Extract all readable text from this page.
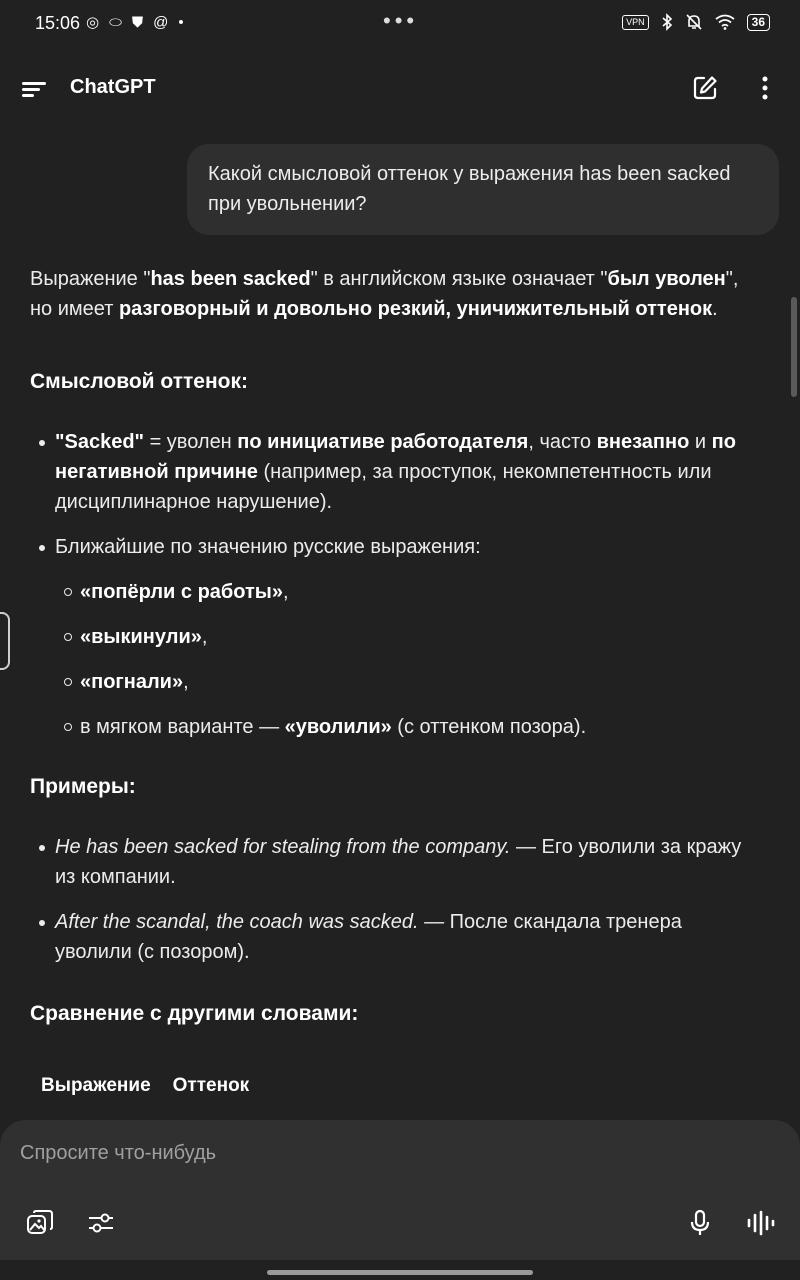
15:06 ◎ ⬭ ⛊ @ •	•••	VPN	36
ChatGPT
Какой смысловой оттенок у выражения has been sacked при увольнении?

Выражение "has been sacked" в английском языке означает "был уволен", но имеет разговорный и довольно резкий, уничижительный оттенок.

Смысловой оттенок:
"Sacked" = уволен по инициативе работодателя, часто внезапно и по негативной причине (например, за проступок, некомпетентность или дисциплинарное нарушение).
Ближайшие по значению русские выражения:
«попёрли с работы»,
«выкинули»,
«погнали»,
в мягком варианте — «уволили» (с оттенком позора).
Примеры:
He has been sacked for stealing from the company. — Его уволили за кражу из компании.
After the scandal, the coach was sacked. — После скандала тренера уволили (с позором).
Сравнение с другими словами:
Выражение Оттенок
Спросите что-нибудь
